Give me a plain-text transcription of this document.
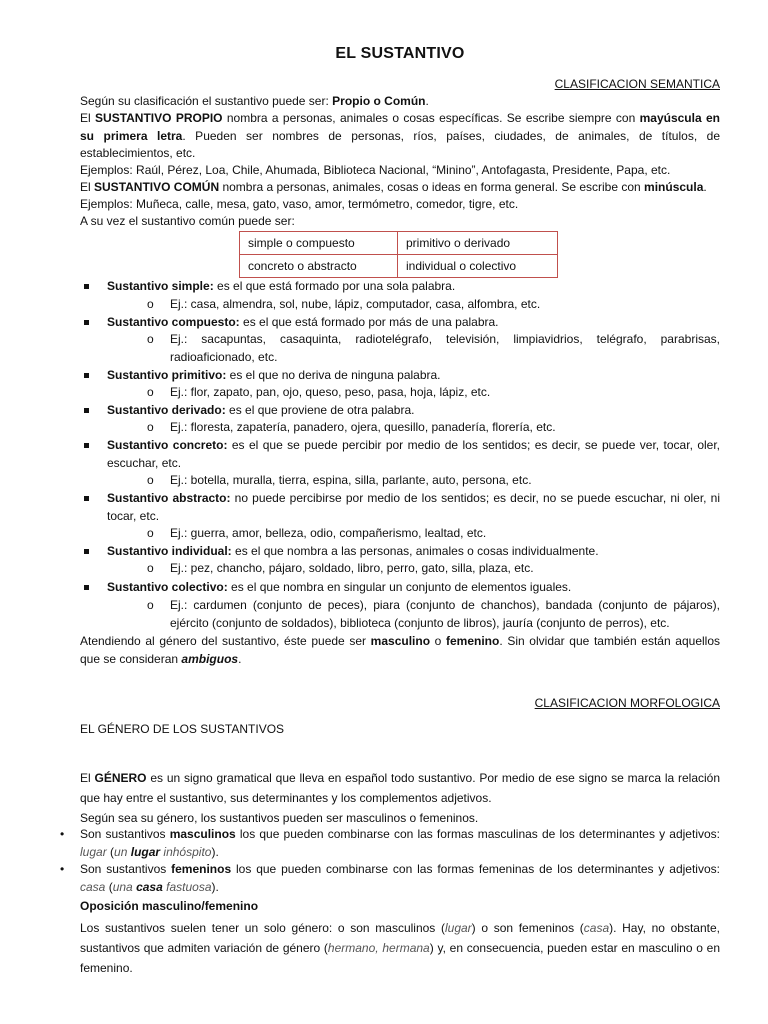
EL SUSTANTIVO
CLASIFICACION SEMANTICA

Según su clasificación el sustantivo puede ser: Propio o Común.

El SUSTANTIVO PROPIO nombra a personas, animales o cosas específicas. Se escribe siempre con mayúscula en su primera letra. Pueden ser nombres de personas, ríos, países, ciudades, de animales, de títulos, de establecimientos, etc.

Ejemplos: Raúl, Pérez, Loa, Chile, Ahumada, Biblioteca Nacional, “Minino”, Antofagasta, Presidente, Papa, etc.

El SUSTANTIVO COMÚN nombra a personas, animales, cosas o ideas en forma general. Se escribe con minúscula.

Ejemplos: Muñeca, calle, mesa, gato, vaso, amor, termómetro, comedor, tigre, etc.

A su vez el sustantivo común puede ser:

simple o compuesto	primitivo o derivado
concreto o abstracto	individual o colectivo
Sustantivo simple: es el que está formado por una sola palabra.
o Ej.: casa, almendra, sol, nube, lápiz, computador, casa, alfombra, etc.
Sustantivo compuesto: es el que está formado por más de una palabra.
o Ej.: sacapuntas, casaquinta, radiotelégrafo, televisión, limpiavidrios, telégrafo, parabrisas, radioaficionado, etc.
Sustantivo primitivo: es el que no deriva de ninguna palabra.
o Ej.: flor, zapato, pan, ojo, queso, peso, pasa, hoja, lápiz, etc.
Sustantivo derivado: es el que proviene de otra palabra.
o Ej.: floresta, zapatería, panadero, ojera, quesillo, panadería, florería, etc.
Sustantivo concreto: es el que se puede percibir por medio de los sentidos; es decir, se puede ver, tocar, oler, escuchar, etc.
o Ej.: botella, muralla, tierra, espina, silla, parlante, auto, persona, etc.
Sustantivo abstracto: no puede percibirse por medio de los sentidos; es decir, no se puede escuchar, ni oler, ni tocar, etc.
o Ej.: guerra, amor, belleza, odio, compañerismo, lealtad, etc.
Sustantivo individual: es el que nombra a las personas, animales o cosas individualmente.
o Ej.: pez, chancho, pájaro, soldado, libro, perro, gato, silla, plaza, etc.
Sustantivo colectivo: es el que nombra en singular un conjunto de elementos iguales.
o Ej.: cardumen (conjunto de peces), piara (conjunto de chanchos), bandada (conjunto de pájaros), ejército (conjunto de soldados), biblioteca (conjunto de libros), jauría (conjunto de perros), etc.

Atendiendo al género del sustantivo, éste puede ser masculino o femenino. Sin olvidar que también están aquellos que se consideran ambiguos.

CLASIFICACION MORFOLOGICA

EL GÉNERO DE LOS SUSTANTIVOS

El GÉNERO es un signo gramatical que lleva en español todo sustantivo. Por medio de ese signo se marca la relación que hay entre el sustantivo, sus determinantes y los complementos adjetivos.

Según sea su género, los sustantivos pueden ser masculinos o femeninos.

• Son sustantivos masculinos los que pueden combinarse con las formas masculinas de los determinantes y adjetivos: lugar (un lugar inhóspito).
• Son sustantivos femeninos los que pueden combinarse con las formas femeninas de los determinantes y adjetivos: casa (una casa fastuosa).

Oposición masculino/femenino

Los sustantivos suelen tener un solo género: o son masculinos (lugar) o son femeninos (casa). Hay, no obstante, sustantivos que admiten variación de género (hermano, hermana) y, en consecuencia, pueden estar en masculino o en femenino.
